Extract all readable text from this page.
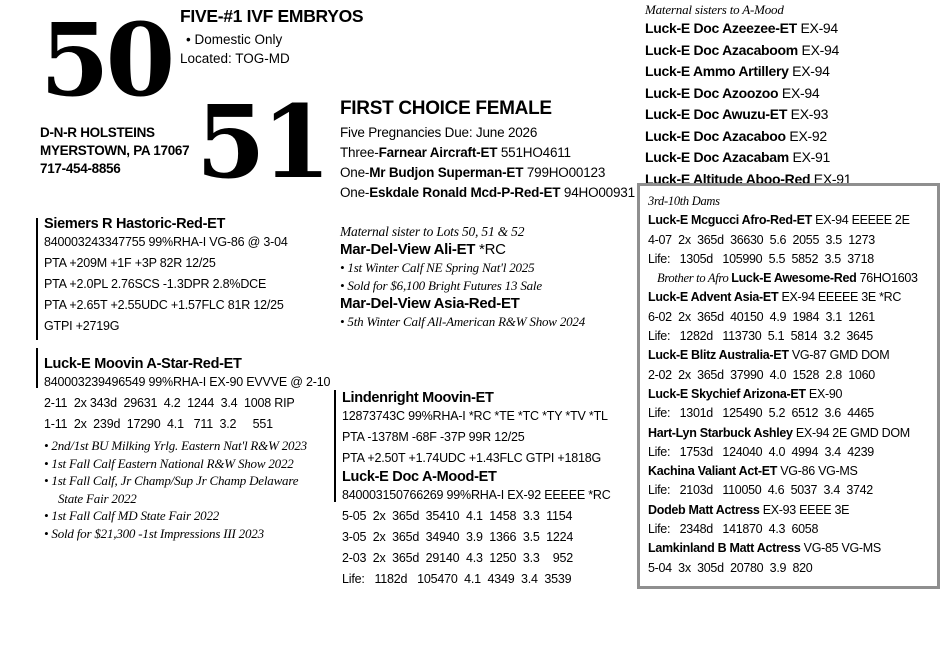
50
51
D-N-R HOLSTEINS
MYERSTOWN, PA 17067
717-454-8856
FIVE-#1 IVF EMBRYOS
• Domestic Only
Located: TOG-MD
Siemers R Hastoric-Red-ET
840003243347755 99%RHA-I VG-86 @ 3-04
PTA +209M +1F +3P 82R 12/25
PTA +2.0PL 2.76SCS -1.3DPR 2.8%DCE
PTA +2.65T +2.55UDC +1.57FLC 81R 12/25
GTPI +2719G
Luck-E Moovin A-Star-Red-ET
840003239496549 99%RHA-I EX-90 EVVVE @ 2-10
2-11  2x 343d  29631  4.2  1244  3.4  1008 RIP
1-11  2x  239d  17290  4.1   711  3.2     551
• 2nd/1st BU Milking Yrlg. Eastern Nat'l R&W 2023
• 1st Fall Calf Eastern National R&W Show 2022
• 1st Fall Calf, Jr Champ/Sup Jr Champ Delaware
State Fair 2022
• 1st Fall Calf MD State Fair 2022
• Sold for $21,300 -1st Impressions III 2023
FIRST CHOICE FEMALE
Five Pregnancies Due: June 2026
Three-Farnear Aircraft-ET 551HO4611
One-Mr Budjon Superman-ET 799HO00123
One-Eskdale Ronald Mcd-P-Red-ET 94HO00931
Maternal sister to Lots 50, 51 & 52
Mar-Del-View Ali-ET *RC
• 1st Winter Calf NE Spring Nat'l 2025
• Sold for $6,100 Bright Futures 13 Sale
Mar-Del-View Asia-Red-ET
• 5th Winter Calf All-American R&W Show 2024
Lindenright Moovin-ET
12873743C 99%RHA-I *RC *TE *TC *TY *TV *TL
PTA -1378M -68F -37P 99R 12/25
PTA +2.50T +1.74UDC +1.43FLC GTPI +1818G
Luck-E Doc A-Mood-ET
840003150766269 99%RHA-I EX-92 EEEEE *RC
5-05  2x  365d  35410  4.1  1458  3.3  1154
3-05  2x  365d  34940  3.9  1366  3.5  1224
2-03  2x  365d  29140  4.3  1250  3.3    952
Life:   1182d   105470  4.1  4349  3.4  3539
Maternal sisters to A-Mood
Luck-E Doc Azeezee-ET EX-94
Luck-E Doc Azacaboom EX-94
Luck-E Ammo Artillery EX-94
Luck-E Doc Azoozoo EX-94
Luck-E Doc Awuzu-ET EX-93
Luck-E Doc Azacaboo EX-92
Luck-E Doc Azacabam EX-91
Luck-E Altitude Aboo-Red EX-91
3rd-10th Dams
Luck-E Mcgucci Afro-Red-ET EX-94 EEEEE 2E
4-07  2x  365d  36630  5.6  2055  3.5  1273
Life:   1305d   105990  5.5  5852  3.5  3718
Brother to Afro Luck-E Awesome-Red 76HO1603
Luck-E Advent Asia-ET EX-94 EEEEE 3E *RC
6-02  2x  365d  40150  4.9  1984  3.1  1261
Life:   1282d   113730  5.1  5814  3.2  3645
Luck-E Blitz Australia-ET VG-87 GMD DOM
2-02  2x  365d  37990  4.0  1528  2.8  1060
Luck-E Skychief Arizona-ET EX-90
Life:   1301d   125490  5.2  6512  3.6  4465
Hart-Lyn Starbuck Ashley EX-94 2E GMD DOM
Life:   1753d   124040  4.0  4994  3.4  4239
Kachina Valiant Act-ET VG-86 VG-MS
Life:   2103d   110050  4.6  5037  3.4  3742
Dodeb Matt Actress EX-93 EEEE 3E
Life:   2348d   141870  4.3  6058
Lamkinland B Matt Actress VG-85 VG-MS
5-04  3x  305d  20780  3.9  820
